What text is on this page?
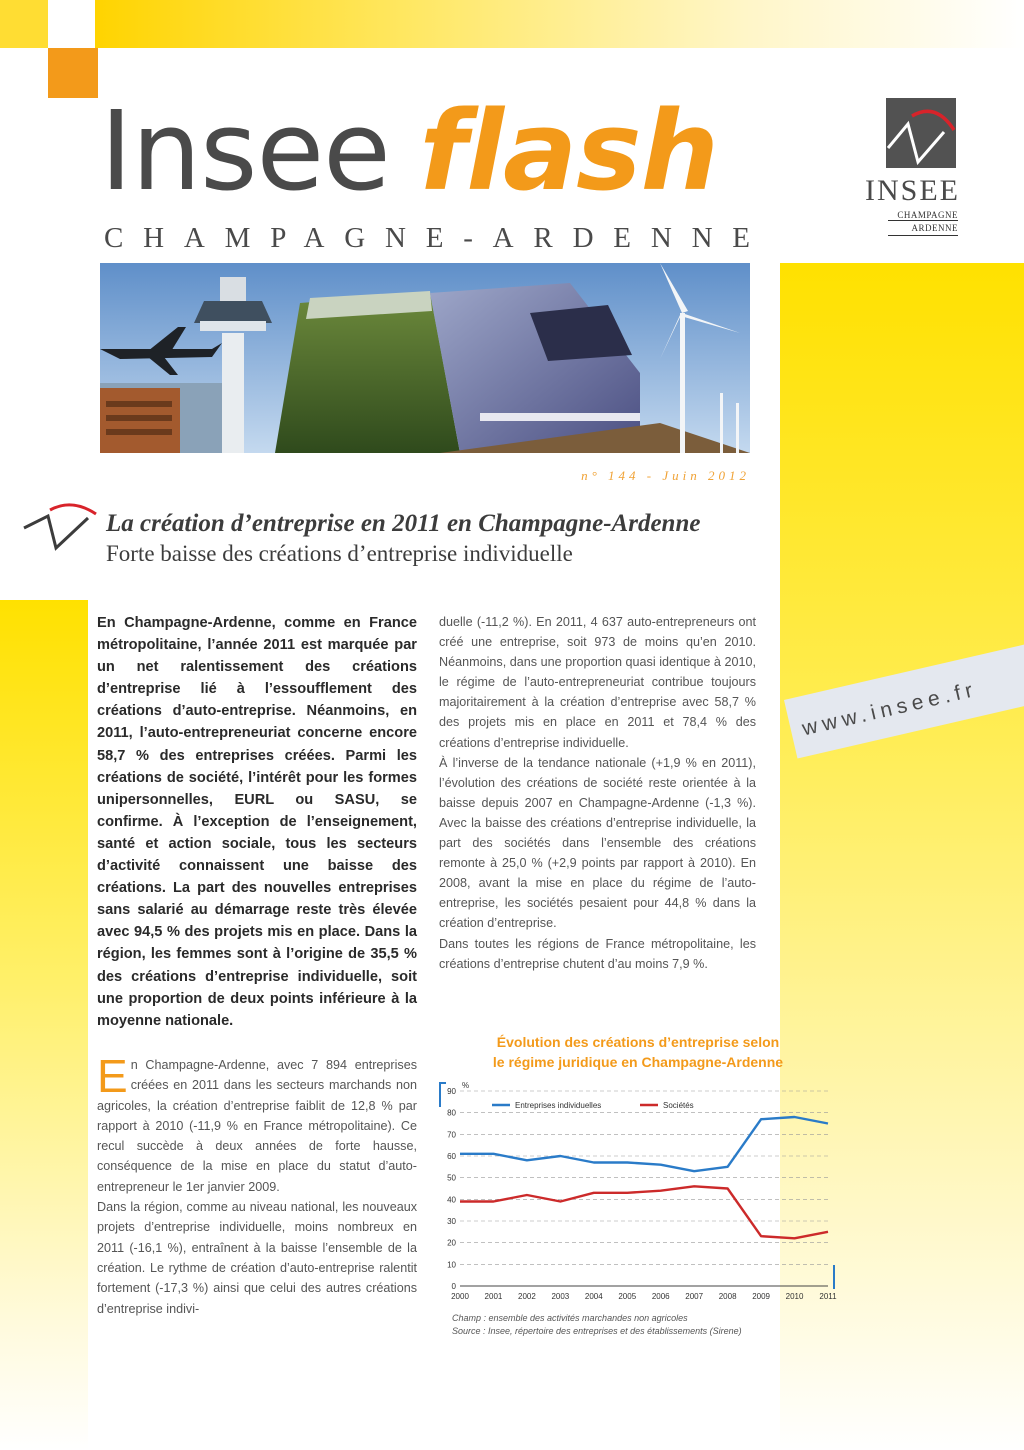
Insee flash
CHAMPAGNE-ARDENNE
INSEE
CHAMPAGNE
ARDENNE
n° 144 - Juin 2012
La création d’entreprise en 2011 en Champagne-Ardenne
Forte baisse des créations d’entreprise individuelle
www.insee.fr
En Champagne-Ardenne, comme en France métropolitaine, l’année 2011 est marquée par un net ralentissement des créations d’entreprise lié à l’essoufflement des créations d’auto-entreprise. Néanmoins, en 2011, l’auto-entrepreneuriat concerne encore 58,7 % des entreprises créées. Parmi les créations de société, l’intérêt pour les formes unipersonnelles, EURL ou SASU, se confirme. À l’exception de l’enseignement, santé et action sociale, tous les secteurs d’activité connaissent une baisse des créations. La part des nouvelles entreprises sans salarié au démarrage reste très élevée avec 94,5 % des projets mis en place. Dans la région, les femmes sont à l’origine de 35,5 % des créations d’entreprise individuelle, soit une proportion de deux points inférieure à la moyenne nationale.

En Champagne-Ardenne, avec 7 894 entreprises créées en 2011 dans les secteurs marchands non agricoles, la création d’entreprise faiblit de 12,8 % par rapport à 2010 (-11,9 % en France métropolitaine). Ce recul succède à deux années de forte hausse, conséquence de la mise en place du statut d’auto-entrepreneur le 1er janvier 2009.

Dans la région, comme au niveau national, les nouveaux projets d’entreprise individuelle, moins nombreux en 2011 (-16,1 %), entraînent à la baisse l’ensemble de la création. Le rythme de création d’auto-entreprise ralentit fortement (-17,3 %) ainsi que celui des autres créations d’entreprise indivi-

duelle (-11,2 %). En 2011, 4 637 auto-entrepreneurs ont créé une entreprise, soit 973 de moins qu’en 2010. Néanmoins, dans une proportion quasi identique à 2010, le régime de l’auto-entrepreneuriat contribue toujours majoritairement à la création d’entreprise avec 58,7 % des projets mis en place en 2011 et 78,4 % des créations d’entreprise individuelle.

À l’inverse de la tendance nationale (+1,9 % en 2011), l’évolution des créations de société reste orientée à la baisse depuis 2007 en Champagne-Ardenne (-1,3 %). Avec la baisse des créations d’entreprise individuelle, la part des sociétés dans l’ensemble des créations remonte à 25,0 % (+2,9 points par rapport à 2010). En 2008, avant la mise en place du régime de l’auto-entreprise, les sociétés pesaient pour 44,8 % dans la création d’entreprise.

Dans toutes les régions de France métropolitaine, les créations d’entreprise chutent d’au moins 7,9 %.

Évolution des créations d’entreprise selon
le régime juridique en Champagne-Ardenne
0
10
20
30
40
50
60
70
80
90
%
2000 2001 2002 2003 2004 2005 2006 2007 2008 2009 2010 2011
Entreprises individuelles	Sociétés
Champ : ensemble des activités marchandes non agricoles
Source : Insee, répertoire des entreprises et des établissements (Sirene)
